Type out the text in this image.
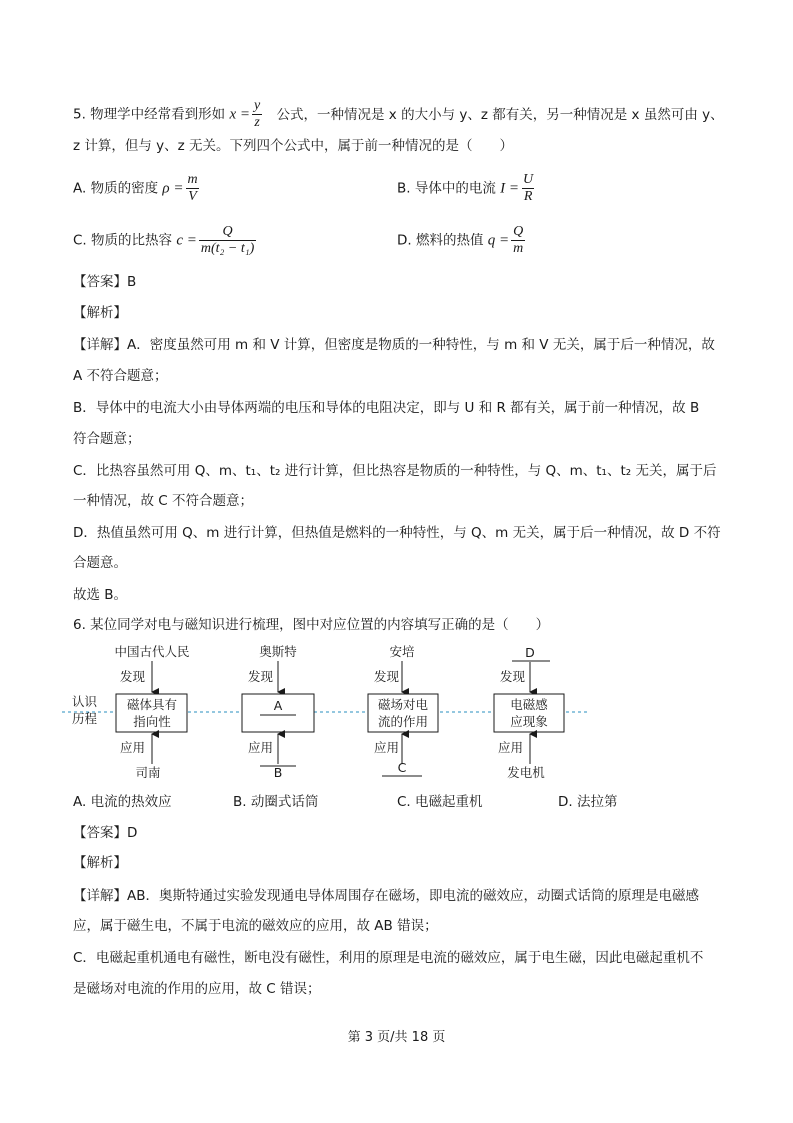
5. 物理学中经常看到形如 $x = \frac{y}{z}$ 公式，一种情况是 x 的大小与 y、z 都有关，另一种情况是 x 虽然可由 y、
z 计算，但与 y、z 无关。下列四个公式中，属于前一种情况的是（　　）
A. 物质的密度 $\rho = \frac{m}{V}$	B. 导体中的电流 $I = \frac{U}{R}$
C. 物质的比热容 $c = \frac{Q}{\text{m(t₂ − t₁)}}$	D. 燃料的热值 $q = \frac{Q}{m}$
【答案】B
【解析】
【详解】A．密度虽然可用 m 和 V 计算，但密度是物质的一种特性，与 m 和 V 无关，属于后一种情况，故
A 不符合题意；
B．导体中的电流大小由导体两端的电压和导体的电阻决定，即与 U 和 R 都有关，属于前一种情况，故 B
符合题意；
C．比热容虽然可用 Q、m、t₁、t₂ 进行计算，但比热容是物质的一种特性，与 Q、m、t₁、t₂ 无关，属于后
一种情况，故 C 不符合题意；
D．热值虽然可用 Q、m 进行计算，但热值是燃料的一种特性，与 Q、m 无关，属于后一种情况，故 D 不符
合题意。
故选 B。
6. 某位同学对电与磁知识进行梳理，图中对应位置的内容填写正确的是（　　）
认识
历程
中国古代人民
发现
磁体具有
指向性
应用
司南
奥斯特
发现
A
应用
B
安培
发现
磁场对电
流的作用
应用
C
D
发现
电磁感
应现象
应用
发电机
A. 电流的热效应	B. 动圈式话筒	C. 电磁起重机	D. 法拉第
【答案】D
【解析】
【详解】AB．奥斯特通过实验发现通电导体周围存在磁场，即电流的磁效应，动圈式话筒的原理是电磁感
应，属于磁生电，不属于电流的磁效应的应用，故 AB 错误；
C．电磁起重机通电有磁性，断电没有磁性，利用的原理是电流的磁效应，属于电生磁，因此电磁起重机不
是磁场对电流的作用的应用，故 C 错误；
第 3 页/共 18 页
